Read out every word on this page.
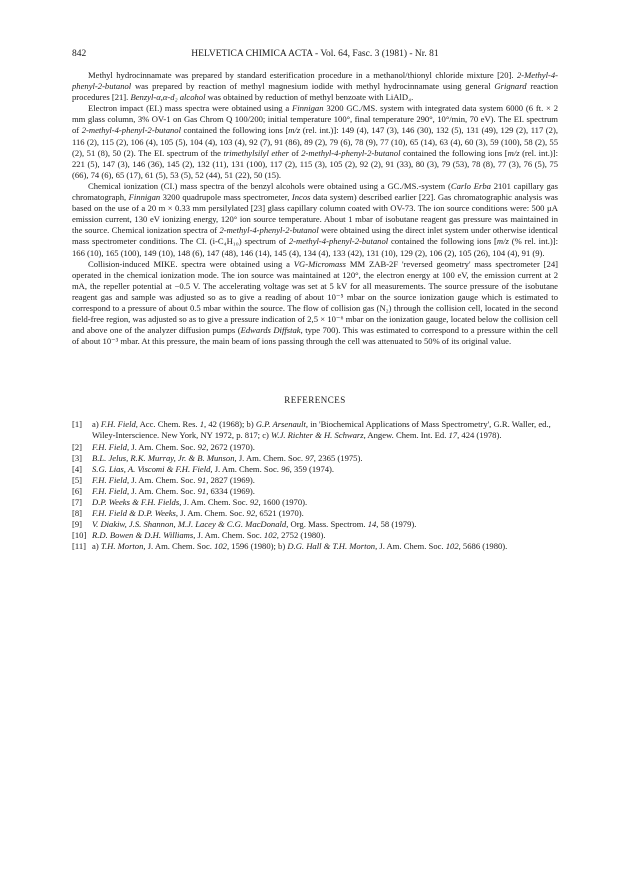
842	HELVETICA CHIMICA ACTA - Vol. 64, Fasc. 3 (1981) - Nr. 81

Methyl hydrocinnamate was prepared by standard esterification procedure in a methanol/thionyl chloride mixture [20]. 2-Methyl-4-phenyl-2-butanol was prepared by reaction of methyl magnesium iodide with methyl hydrocinnamate using general Grignard reaction procedures [21]. Benzyl-α,α-d₂ alcohol was obtained by reduction of methyl benzoate with LiAlD₄.

Electron impact (EI.) mass spectra were obtained using a Finnigan 3200 GC./MS. system with integrated data system 6000 (6 ft. × 2 mm glass column, 3% OV-1 on Gas Chrom Q 100/200; initial temperature 100°, final temperature 290°, 10°/min, 70 eV). The EI. spectrum of 2-methyl-4-phenyl-2-butanol contained the following ions [m/z (rel. int.)]: 149 (4), 147 (3), 146 (30), 132 (5), 131 (49), 129 (2), 117 (2), 116 (2), 115 (2), 106 (4), 105 (5), 104 (4), 103 (4), 92 (7), 91 (86), 89 (2), 79 (6), 78 (9), 77 (10), 65 (14), 63 (4), 60 (3), 59 (100), 58 (2), 55 (2), 51 (8), 50 (2). The EI. spectrum of the trimethylsilyl ether of 2-methyl-4-phenyl-2-butanol contained the following ions [m/z (rel. int.)]: 221 (5), 147 (3), 146 (36), 145 (2), 132 (11), 131 (100), 117 (2), 115 (3), 105 (2), 92 (2), 91 (33), 80 (3), 79 (53), 78 (8), 77 (3), 76 (5), 75 (66), 74 (6), 65 (17), 61 (5), 53 (5), 52 (44), 51 (22), 50 (15).

Chemical ionization (CI.) mass spectra of the benzyl alcohols were obtained using a GC./MS.-system (Carlo Erba 2101 capillary gas chromatograph, Finnigan 3200 quadrupole mass spectrometer, Incos data system) described earlier [22]. Gas chromatographic analysis was based on the use of a 20 m × 0.33 mm persilylated [23] glass capillary column coated with OV-73. The ion source conditions were: 500 µA emission current, 130 eV ionizing energy, 120° ion source temperature. About 1 mbar of isobutane reagent gas pressure was maintained in the source. Chemical ionization spectra of 2-methyl-4-phenyl-2-butanol were obtained using the direct inlet system under otherwise identical mass spectrometer conditions. The CI. (i-C₄H₁₀) spectrum of 2-methyl-4-phenyl-2-butanol contained the following ions [m/z (% rel. int.)]: 166 (10), 165 (100), 149 (10), 148 (6), 147 (48), 146 (14), 145 (4), 134 (4), 133 (42), 131 (10), 129 (2), 106 (2), 105 (26), 104 (4), 91 (9).

Collision-induced MIKE. spectra were obtained using a VG-Micromass MM ZAB-2F 'reversed geometry' mass spectrometer [24] operated in the chemical ionization mode. The ion source was maintained at 120°, the electron energy at 100 eV, the emission current at 2 mA, the repeller potential at −0.5 V. The accelerating voltage was set at 5 kV for all measurements. The source pressure of the isobutane reagent gas and sample was adjusted so as to give a reading of about 10⁻⁵ mbar on the source ionization gauge which is estimated to correspond to a pressure of about 0.5 mbar within the source. The flow of collision gas (N₂) through the collision cell, located in the second field-free region, was adjusted so as to give a pressure indication of 2,5 × 10⁻⁶ mbar on the ionization gauge, located below the collision cell and above one of the analyzer diffusion pumps (Edwards Diffstak, type 700). This was estimated to correspond to a pressure within the cell of about 10⁻³ mbar. At this pressure, the main beam of ions passing through the cell was attenuated to 50% of its original value.

REFERENCES
[1]	a) F.H. Field, Acc. Chem. Res. 1, 42 (1968); b) G.P. Arsenault, in 'Biochemical Applications of Mass Spectrometry', G.R. Waller, ed., Wiley-Interscience. New York, NY 1972, p. 817; c) W.J. Richter & H. Schwarz, Angew. Chem. Int. Ed. 17, 424 (1978).
[2]	F.H. Field, J. Am. Chem. Soc. 92, 2672 (1970).
[3]	B.L. Jelus, R.K. Murray, Jr. & B. Munson, J. Am. Chem. Soc. 97, 2365 (1975).
[4]	S.G. Lias, A. Viscomi & F.H. Field, J. Am. Chem. Soc. 96, 359 (1974).
[5]	F.H. Field, J. Am. Chem. Soc. 91, 2827 (1969).
[6]	F.H. Field, J. Am. Chem. Soc. 91, 6334 (1969).
[7]	D.P. Weeks & F.H. Fields, J. Am. Chem. Soc. 92, 1600 (1970).
[8]	F.H. Field & D.P. Weeks, J. Am. Chem. Soc. 92, 6521 (1970).
[9]	V. Diakiw, J.S. Shannon, M.J. Lacey & C.G. MacDonald, Org. Mass. Spectrom. 14, 58 (1979).
[10] R.D. Bowen & D.H. Williams, J. Am. Chem. Soc. 102, 2752 (1980).
[11] a) T.H. Morton, J. Am. Chem. Soc. 102, 1596 (1980); b) D.G. Hall & T.H. Morton, J. Am. Chem. Soc. 102, 5686 (1980).
